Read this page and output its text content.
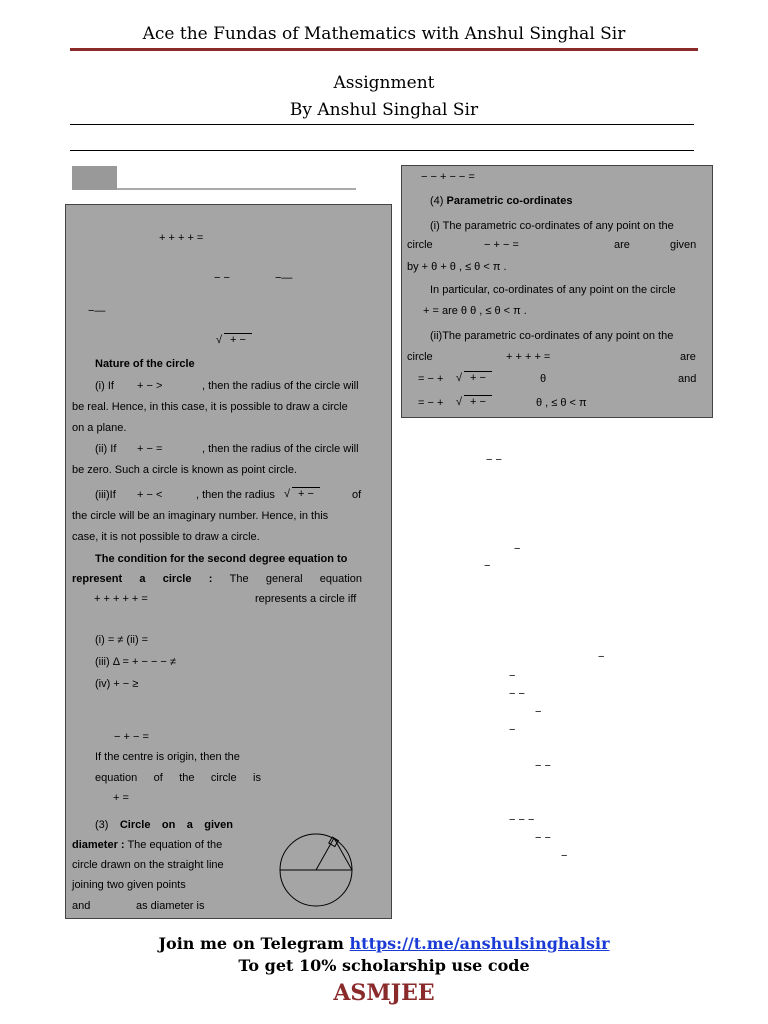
Ace the Fundas of Mathematics with Anshul Singhal Sir
Assignment
By Anshul Singhal Sir
+ + + + =
− −	−—
−—
√ + −
Nature of the circle
(i) If + − >	, then the radius of the circle will
be real. Hence, in this case, it is possible to draw a circle
on a plane.
(ii) If + − =	, then the radius of the circle will
be zero. Such a circle is known as point circle.
(iii)If + − <	, then the radius √ + −	of
the circle will be an imaginary number. Hence, in this
case, it is not possible to draw a circle.
The condition for the second degree equation to
represent a circle : The general equation
+ + + + + =	represents a circle iff
(i) = ≠ (ii) =
(iii) Δ = + − − − ≠
(iv) + − ≥
− + − =
If the centre is origin, then the
equation of the circle is
+ =
(3) Circle on a given
diameter : The equation of the
circle drawn on the straight line
joining two given points
and	as diameter is
− − + − − =
(4) Parametric co-ordinates
(i) The parametric co-ordinates of any point on the
circle	− + − =	are	given
by + θ + θ , ≤ θ < π .
In particular, co-ordinates of any point on the circle
+ = are θ θ , ≤ θ < π .
(ii)The parametric co-ordinates of any point on the
circle	+ + + + =	are
= − + √ + −	θ	and
= − + √ + −	θ , ≤ θ < π
− −
−
−
−
−
− −
−
−
− −
− − −
− −
−
Join me on Telegram https://t.me/anshulsinghalsir
To get 10% scholarship use code
ASMJEE
